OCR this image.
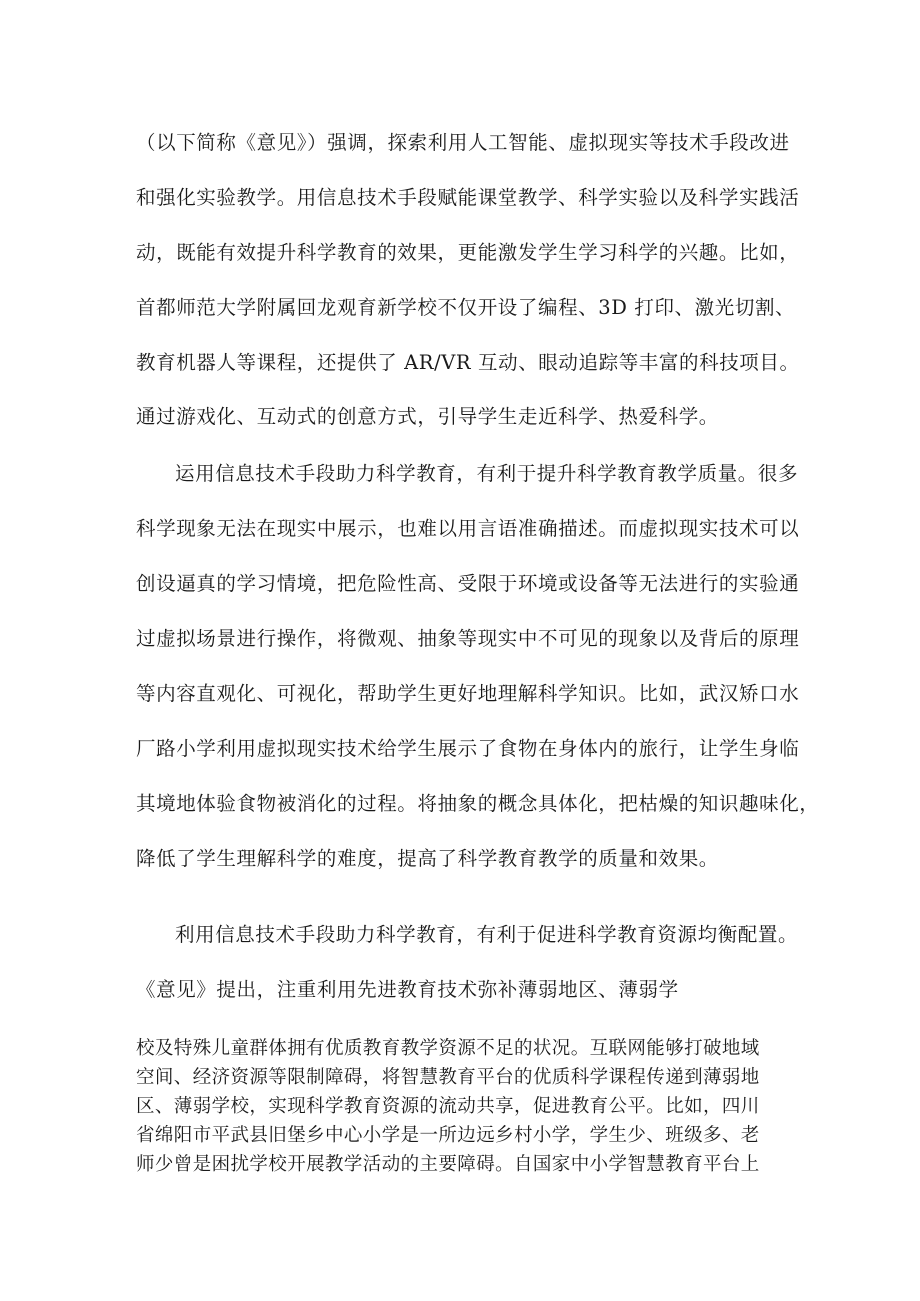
（以下简称《意见》）强调，探索利用人工智能、虚拟现实等技术手段改进
和强化实验教学。用信息技术手段赋能课堂教学、科学实验以及科学实践活
动，既能有效提升科学教育的效果，更能激发学生学习科学的兴趣。比如，
首都师范大学附属回龙观育新学校不仅开设了编程、3D 打印、激光切割、
教育机器人等课程，还提供了 AR/VR 互动、眼动追踪等丰富的科技项目。
通过游戏化、互动式的创意方式，引导学生走近科学、热爱科学。
运用信息技术手段助力科学教育，有利于提升科学教育教学质量。很多
科学现象无法在现实中展示，也难以用言语准确描述。而虚拟现实技术可以
创设逼真的学习情境，把危险性高、受限于环境或设备等无法进行的实验通
过虚拟场景进行操作，将微观、抽象等现实中不可见的现象以及背后的原理
等内容直观化、可视化，帮助学生更好地理解科学知识。比如，武汉矫口水
厂路小学利用虚拟现实技术给学生展示了食物在身体内的旅行，让学生身临
其境地体验食物被消化的过程。将抽象的概念具体化，把枯燥的知识趣味化，
降低了学生理解科学的难度，提高了科学教育教学的质量和效果。
利用信息技术手段助力科学教育，有利于促进科学教育资源均衡配置。
《意见》提出，注重利用先进教育技术弥补薄弱地区、薄弱学
校及特殊儿童群体拥有优质教育教学资源不足的状况。互联网能够打破地域
空间、经济资源等限制障碍，将智慧教育平台的优质科学课程传递到薄弱地
区、薄弱学校，实现科学教育资源的流动共享，促进教育公平。比如，四川
省绵阳市平武县旧堡乡中心小学是一所边远乡村小学，学生少、班级多、老
师少曾是困扰学校开展教学活动的主要障碍。自国家中小学智慧教育平台上
